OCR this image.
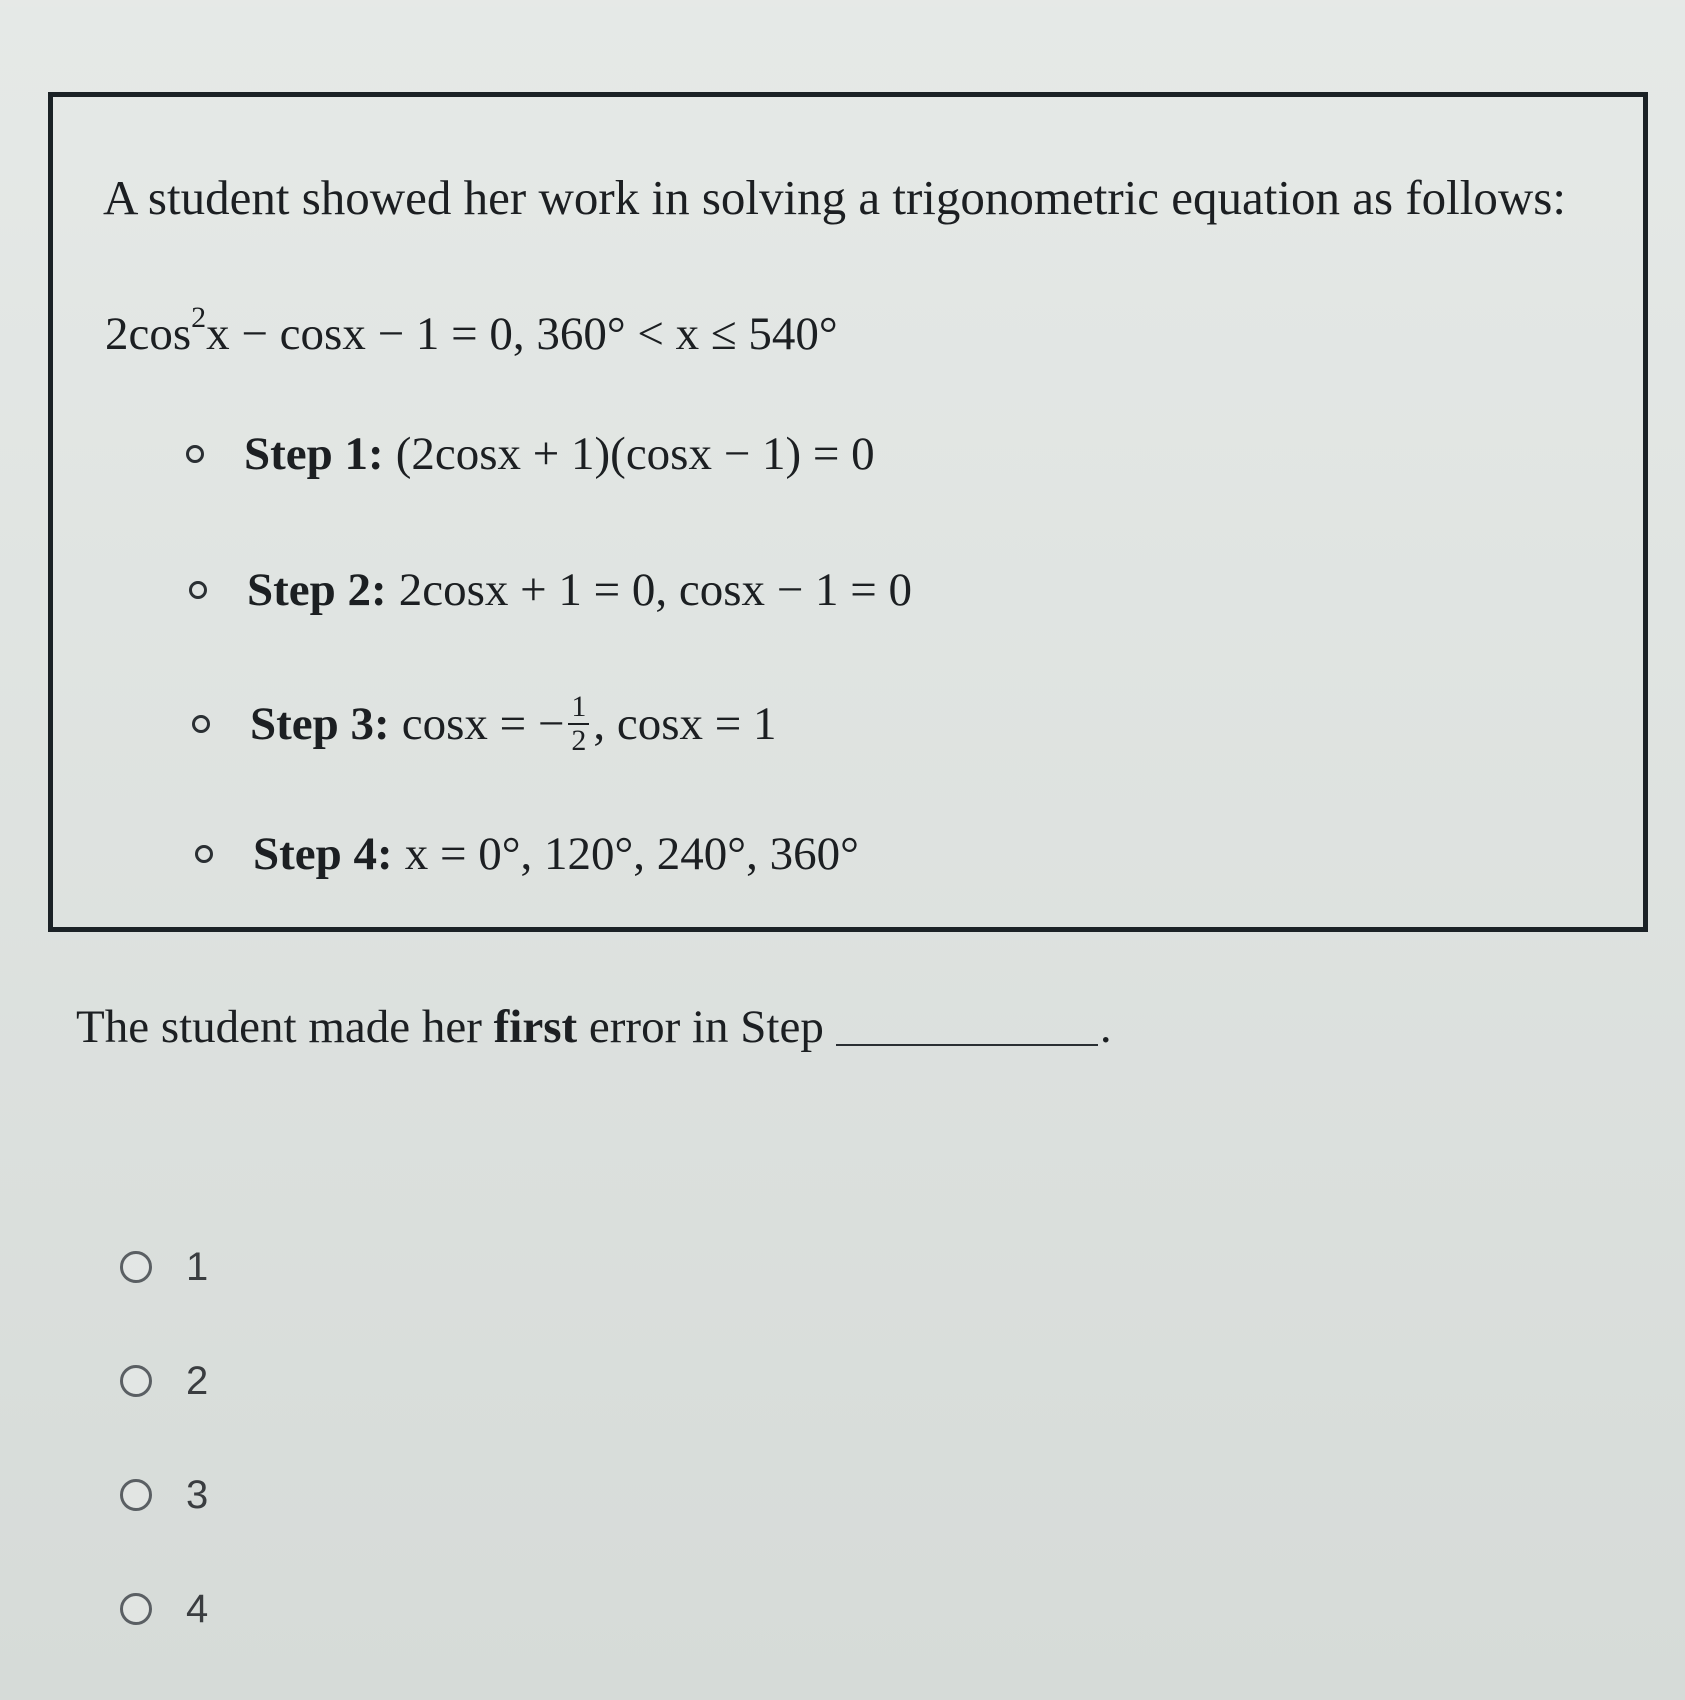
A student showed her work in solving a trigonometric equation as follows:
$2\cos^2x - \cos x - 1 = 0$, 360° < x ≤ 540°
Step 1: (2cosx + 1)(cosx − 1) = 0
Step 2: 2cosx + 1 = 0, cosx − 1 = 0
Step 3: cosx = − $\frac{1}{2}$ , cosx = 1
Step 4: x = 0°, 120°, 240°, 360°
The student made her first error in Step	.
1
2
3
4
